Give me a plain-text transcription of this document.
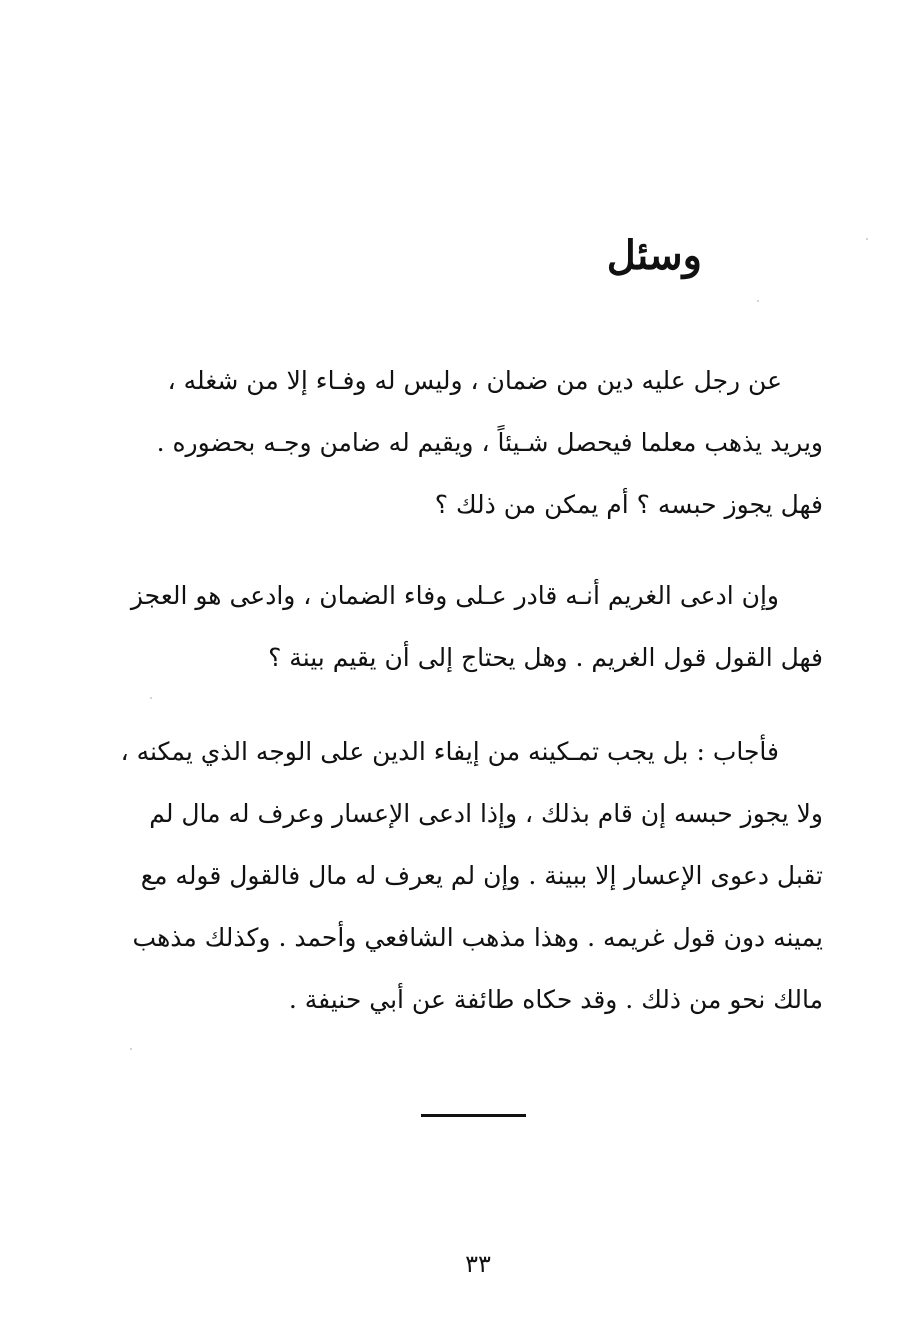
وسئل
عن رجل عليه دين من ضمان ، وليس له وفـاء إلا من شغله ،
ويريد يذهب معلما فيحصل شـيئاً ، ويقيم له ضامن وجـه بحضوره .
فهل يجوز حبسه ؟ أم يمكن من ذلك ؟
وإن ادعى الغريم أنـه قادر عـلى وفاء الضمان ، وادعى هو العجز
فهل القول قول الغريم . وهل يحتاج إلى أن يقيم بينة ؟
فأجاب : بل يجب تمـكينه من إيفاء الدين على الوجه الذي يمكنه ،
ولا يجوز حبسه إن قام بذلك ، وإذا ادعى الإعسار وعرف له مال لم
تقبل دعوى الإعسار إلا ببينة . وإن لم يعرف له مال فالقول قوله مع
يمينه دون قول غريمه . وهذا مذهب الشافعي وأحمد . وكذلك مذهب
مالك نحو من ذلك . وقد حكاه طائفة عن أبي حنيفة .
٣٣
